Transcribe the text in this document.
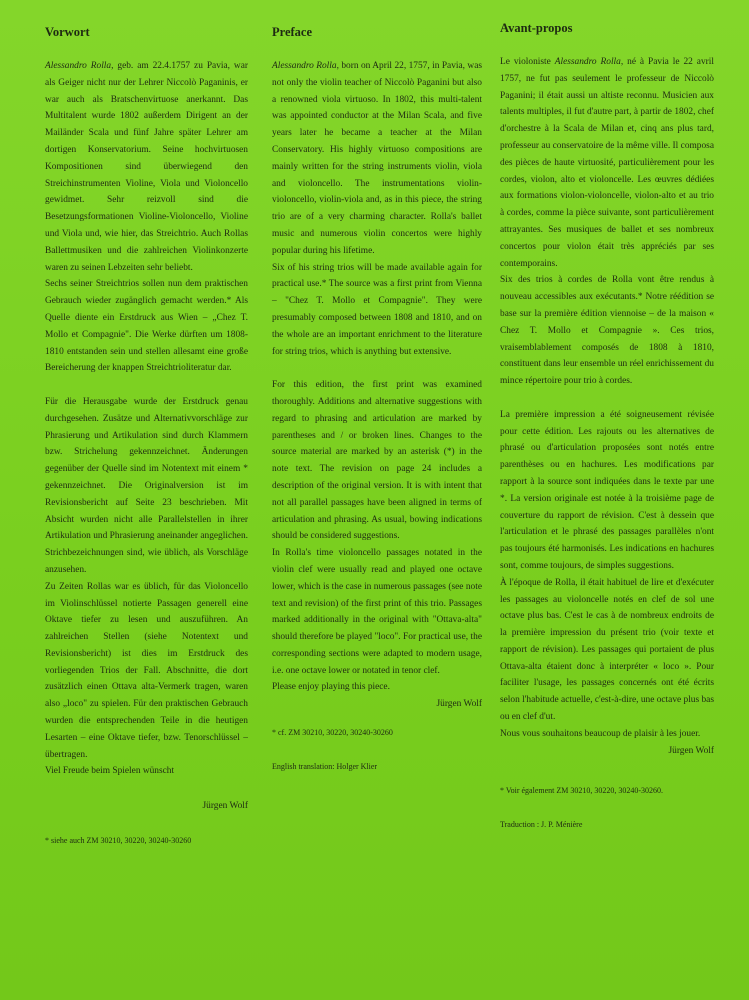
Vorwort

Alessandro Rolla, geb. am 22.4.1757 zu Pavia, war als Geiger nicht nur der Lehrer Niccolò Paganinis, er war auch als Bratschenvirtuose anerkannt. Das Multitalent wurde 1802 außerdem Dirigent an der Mailänder Scala und fünf Jahre später Lehrer am dortigen Konservatorium. Seine hochvirtuosen Kompositionen sind überwiegend den Streichinstrumenten Violine, Viola und Violoncello gewidmet. Sehr reizvoll sind die Besetzungsformationen Violine-Violoncello, Violine und Viola und, wie hier, das Streichtrio. Auch Rollas Ballettmusiken und die zahlreichen Violinkonzerte waren zu seinen Lebzeiten sehr beliebt.

Sechs seiner Streichtrios sollen nun dem praktischen Gebrauch wieder zugänglich gemacht werden.* Als Quelle diente ein Erstdruck aus Wien – „Chez T. Mollo et Compagnie". Die Werke dürften um 1808-1810 entstanden sein und stellen allesamt eine große Bereicherung der knappen Streichtrioliteratur dar.

Für die Herausgabe wurde der Erstdruck genau durchgesehen. Zusätze und Alternativvorschläge zur Phrasierung und Artikulation sind durch Klammern bzw. Strichelung gekennzeichnet. Änderungen gegenüber der Quelle sind im Notentext mit einem * gekennzeichnet. Die Originalversion ist im Revisionsbericht auf Seite 23 beschrieben. Mit Absicht wurden nicht alle Parallelstellen in ihrer Artikulation und Phrasierung aneinander angeglichen. Strichbezeichnungen sind, wie üblich, als Vorschläge anzusehen.

Zu Zeiten Rollas war es üblich, für das Violoncello im Violinschlüssel notierte Passagen generell eine Oktave tiefer zu lesen und auszuführen. An zahlreichen Stellen (siehe Notentext und Revisionsbericht) ist dies im Erstdruck des vorliegenden Trios der Fall. Abschnitte, die dort zusätzlich einen Ottava alta-Vermerk tragen, waren also „loco" zu spielen. Für den praktischen Gebrauch wurden die entsprechenden Teile in die heutigen Lesarten – eine Oktave tiefer, bzw. Tenorschlüssel – übertragen.

Viel Freude beim Spielen wünscht

Jürgen Wolf

* siehe auch ZM 30210, 30220, 30240-30260

Preface

Alessandro Rolla, born on April 22, 1757, in Pavia, was not only the violin teacher of Niccolò Paganini but also a renowned viola virtuoso. In 1802, this multi-talent was appointed conductor at the Milan Scala, and five years later he became a teacher at the Milan Conservatory. His highly virtuoso compositions are mainly written for the string instruments violin, viola and violoncello. The instrumentations violin-violoncello, violin-viola and, as in this piece, the string trio are of a very charming character. Rolla's ballet music and numerous violin concertos were highly popular during his lifetime.

Six of his string trios will be made available again for practical use.* The source was a first print from Vienna – "Chez T. Mollo et Compagnie". They were presumably composed between 1808 and 1810, and on the whole are an important enrichment to the literature for string trios, which is anything but extensive.

For this edition, the first print was examined thoroughly. Additions and alternative suggestions with regard to phrasing and articulation are marked by parentheses and / or broken lines. Changes to the source material are marked by an asterisk (*) in the note text. The revision on page 24 includes a description of the original version. It is with intent that not all parallel passages have been aligned in terms of articulation and phrasing. As usual, bowing indications should be considered suggestions.

In Rolla's time violoncello passages notated in the violin clef were usually read and played one octave lower, which is the case in numerous passages (see note text and revision) of the first print of this trio. Passages marked additionally in the original with "Ottava-alta" should therefore be played "loco". For practical use, the corresponding sections were adapted to modern usage, i.e. one octave lower or notated in tenor clef.

Please enjoy playing this piece.

Jürgen Wolf

* cf. ZM 30210, 30220, 30240-30260

English translation: Holger Klier

Avant-propos

Le violoniste Alessandro Rolla, né à Pavia le 22 avril 1757, ne fut pas seulement le professeur de Niccolò Paganini; il était aussi un altiste reconnu. Musicien aux talents multiples, il fut d'autre part, à partir de 1802, chef d'orchestre à la Scala de Milan et, cinq ans plus tard, professeur au conservatoire de la même ville. Il composa des pièces de haute virtuosité, particulièrement pour les cordes, violon, alto et violoncelle. Les œuvres dédiées aux formations violon-violoncelle, violon-alto et au trio à cordes, comme la pièce suivante, sont particulièrement attrayantes. Ses musiques de ballet et ses nombreux concertos pour violon était très appréciés par ses contemporains.

Six des trios à cordes de Rolla vont être rendus à nouveau accessibles aux exécutants.* Notre réédition se base sur la première édition viennoise – de la maison « Chez T. Mollo et Compagnie ». Ces trios, vraisemblablement composés de 1808 à 1810, constituent dans leur ensemble un réel enrichissement du mince répertoire pour trio à cordes.

La première impression a été soigneusement révisée pour cette édition. Les rajouts ou les alternatives de phrasé ou d'articulation proposées sont notés entre parenthèses ou en hachures. Les modifications par rapport à la source sont indiquées dans le texte par une *. La version originale est notée à la troisième page de couverture du rapport de révision. C'est à dessein que l'articulation et le phrasé des passages parallèles n'ont pas toujours été harmonisés. Les indications en hachures sont, comme toujours, de simples suggestions.

À l'époque de Rolla, il était habituel de lire et d'exécuter les passages au violoncelle notés en clef de sol une octave plus bas. C'est le cas à de nombreux endroits de la première impression du présent trio (voir texte et rapport de révision). Les passages qui portaient de plus Ottava-alta étaient donc à interpréter « loco ». Pour faciliter l'usage, les passages concernés ont été écrits selon l'habitude actuelle, c'est-à-dire, une octave plus bas ou en clef d'ut.

Nous vous souhaitons beaucoup de plaisir à les jouer.

Jürgen Wolf

* Voir également ZM 30210, 30220, 30240-30260.

Traduction : J. P. Ménière
